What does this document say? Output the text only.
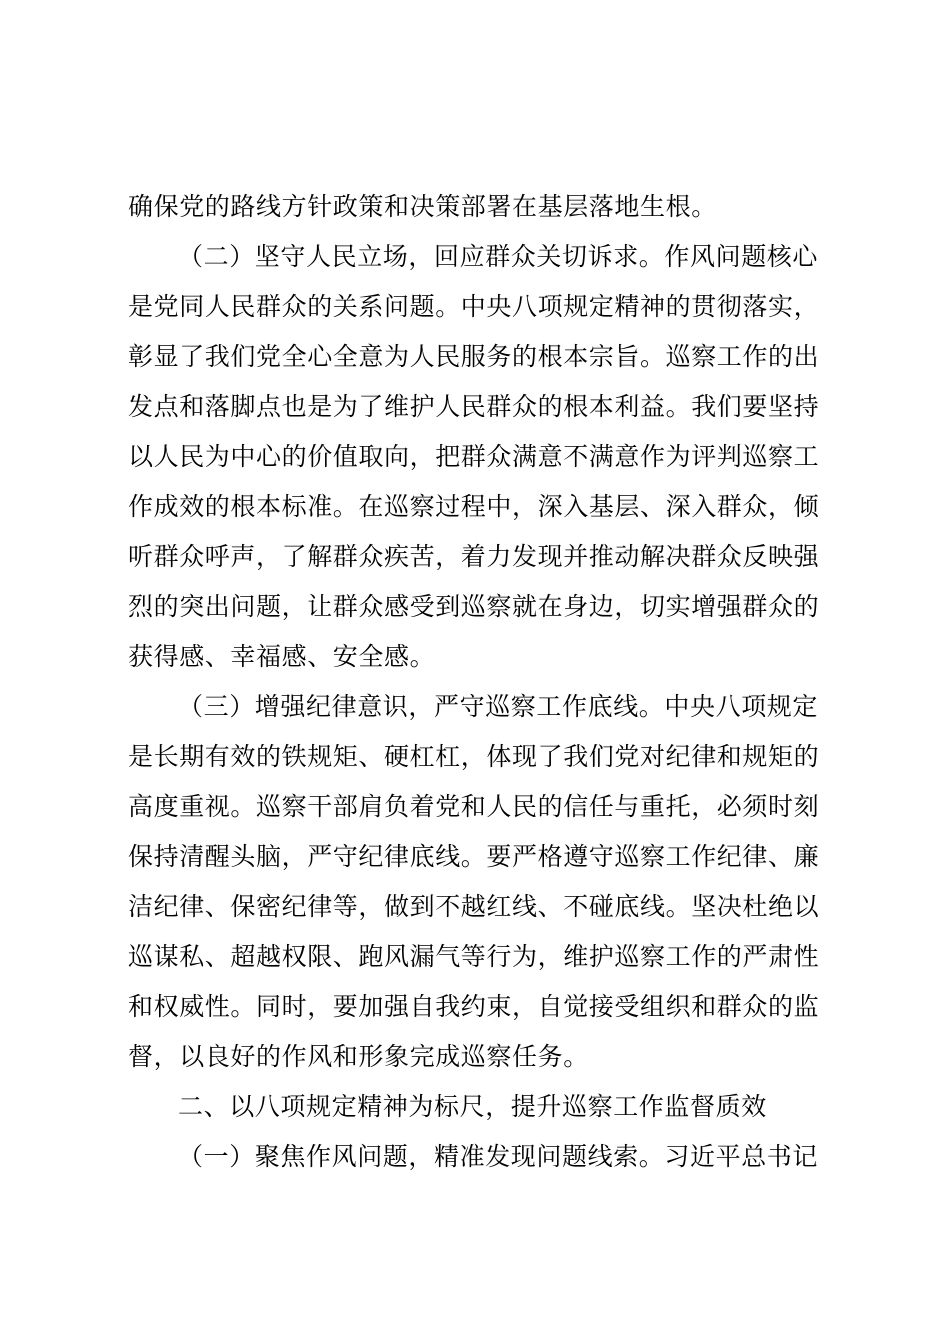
确保党的路线方针政策和决策部署在基层落地生根。
（二）坚守人民立场，回应群众关切诉求。作风问题核心
是党同人民群众的关系问题。中央八项规定精神的贯彻落实，
彰显了我们党全心全意为人民服务的根本宗旨。巡察工作的出
发点和落脚点也是为了维护人民群众的根本利益。我们要坚持
以人民为中心的价值取向，把群众满意不满意作为评判巡察工
作成效的根本标准。在巡察过程中，深入基层、深入群众，倾
听群众呼声，了解群众疾苦，着力发现并推动解决群众反映强
烈的突出问题，让群众感受到巡察就在身边，切实增强群众的
获得感、幸福感、安全感。
（三）增强纪律意识，严守巡察工作底线。中央八项规定
是长期有效的铁规矩、硬杠杠，体现了我们党对纪律和规矩的
高度重视。巡察干部肩负着党和人民的信任与重托，必须时刻
保持清醒头脑，严守纪律底线。要严格遵守巡察工作纪律、廉
洁纪律、保密纪律等，做到不越红线、不碰底线。坚决杜绝以
巡谋私、超越权限、跑风漏气等行为，维护巡察工作的严肃性
和权威性。同时，要加强自我约束，自觉接受组织和群众的监
督，以良好的作风和形象完成巡察任务。
二、以八项规定精神为标尺，提升巡察工作监督质效
（一）聚焦作风问题，精准发现问题线索。习近平总书记
